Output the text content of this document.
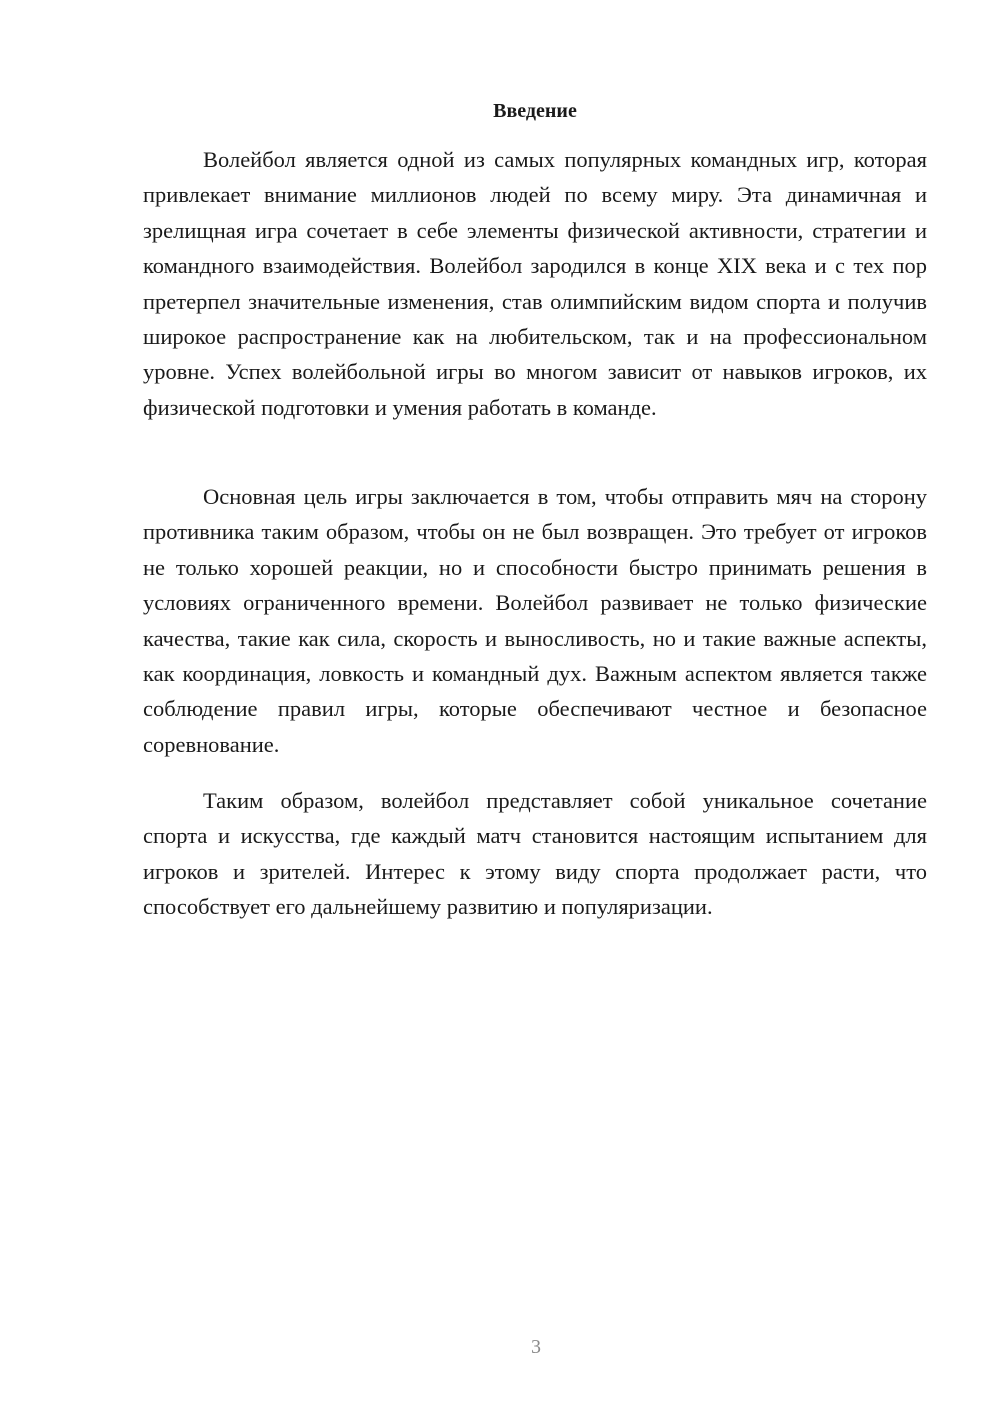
Введение

Волейбол является одной из самых популярных командных игр, которая привлекает внимание миллионов людей по всему миру. Эта динамичная и зрелищная игра сочетает в себе элементы физической активности, стратегии и командного взаимодействия. Волейбол зародился в конце XIX века и с тех пор претерпел значительные изменения, став олимпийским видом спорта и получив широкое распространение как на любительском, так и на профессиональном уровне. Успех волейбольной игры во многом зависит от навыков игроков, их физической подготовки и умения работать в команде.

Основная цель игры заключается в том, чтобы отправить мяч на сторону противника таким образом, чтобы он не был возвращен. Это требует от игроков не только хорошей реакции, но и способности быстро принимать решения в условиях ограниченного времени. Волейбол развивает не только физические качества, такие как сила, скорость и выносливость, но и такие важные аспекты, как координация, ловкость и командный дух. Важным аспектом является также соблюдение правил игры, которые обеспечивают честное и безопасное соревнование.

Таким образом, волейбол представляет собой уникальное сочетание спорта и искусства, где каждый матч становится настоящим испытанием для игроков и зрителей. Интерес к этому виду спорта продолжает расти, что способствует его дальнейшему развитию и популяризации.

3
